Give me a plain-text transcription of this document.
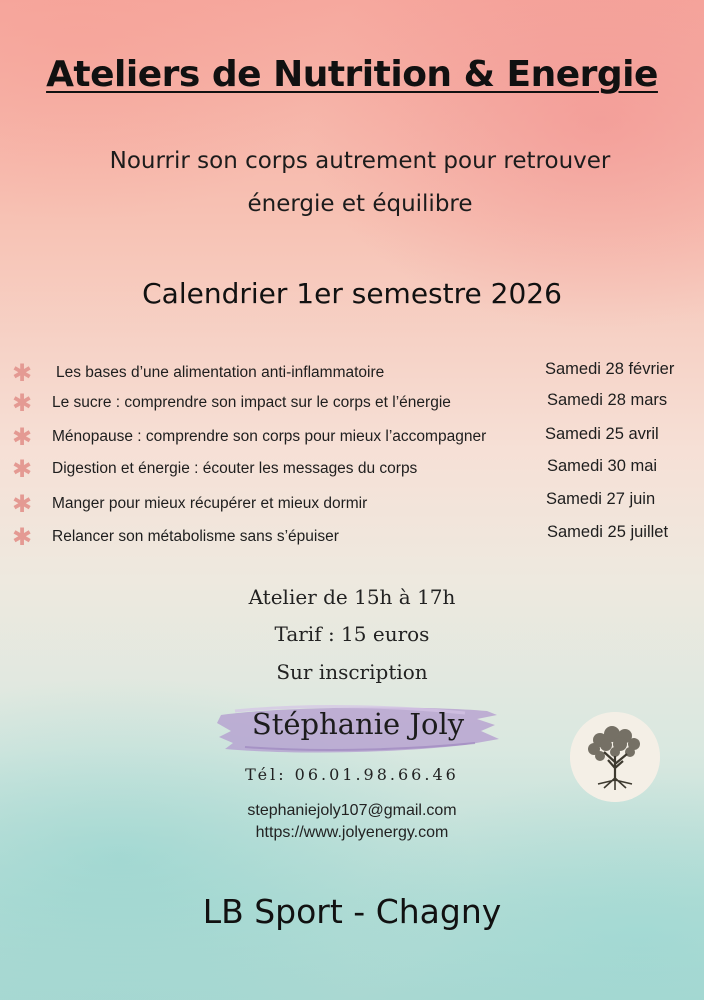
Ateliers de Nutrition & Energie
Nourrir son corps autrement pour retrouver
énergie et équilibre
Calendrier 1er semestre 2026
✱ Les bases d’une alimentation anti-inflammatoire	Samedi 28 février
✱ Le sucre : comprendre son impact sur le corps et l’énergie	Samedi 28 mars
✱ Ménopause : comprendre son corps pour mieux l’accompagner	Samedi 25 avril
✱ Digestion et énergie : écouter les messages du corps	Samedi 30 mai
✱ Manger pour mieux récupérer et mieux dormir	Samedi 27 juin
✱ Relancer son métabolisme sans s’épuiser	Samedi 25 juillet
Atelier de 15h à 17h
Tarif : 15 euros
Sur inscription
Stéphanie Joly
Tél: 06.01.98.66.46
stephaniejoly107@gmail.com
https://www.jolyenergy.com
LB Sport - Chagny
